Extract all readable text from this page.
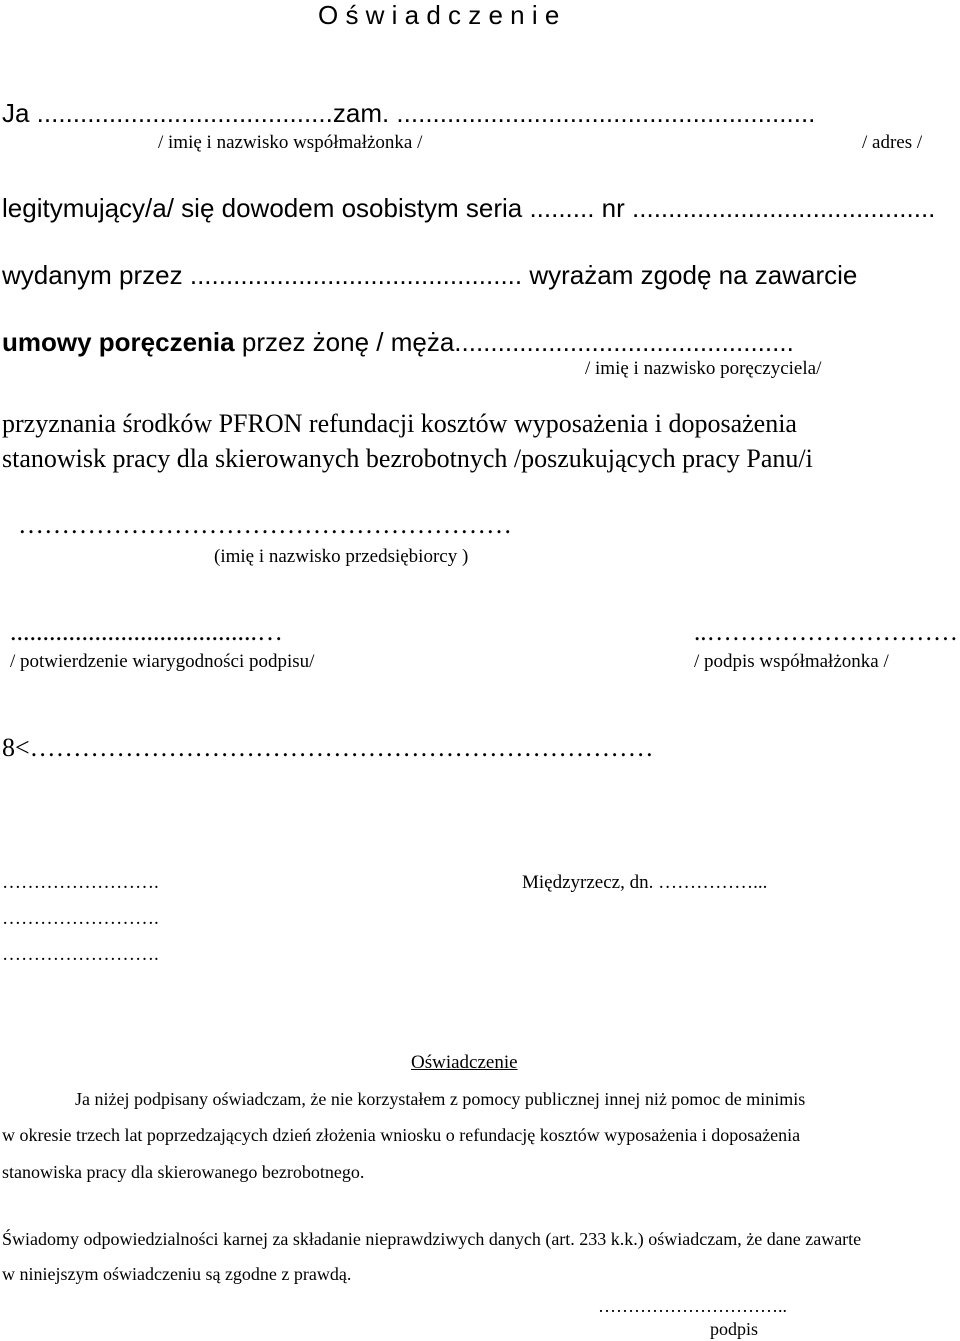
O ś w i a d c z e n i e
Ja .........................................zam. ..........................................................
/ imię i nazwisko współmałżonka /	/ adres /
legitymujący/a/ się dowodem osobistym seria ......... nr ..........................................
wydanym przez .............................................. wyrażam zgodę na zawarcie
umowy poręczenia przez żonę / męża...............................................
/ imię i nazwisko poręczyciela/
przyznania środków PFRON refundacji kosztów wyposażenia i doposażenia
stanowisk pracy dla skierowanych bezrobotnych /poszukujących pracy Panu/i
…………………………………………………
(imię i nazwisko przedsiębiorcy )
......................................…
/ potwierdzenie wiarygodności podpisu/
..…………………………
/ podpis współmałżonka /
8<………………………………………………………………
…………………….	Międzyrzecz, dn. ……………...
…………………….
…………………….
Oświadczenie
Ja niżej podpisany oświadczam, że nie korzystałem z pomocy publicznej innej niż pomoc de minimis
w okresie trzech lat poprzedzających dzień złożenia wniosku o refundację kosztów wyposażenia i doposażenia
stanowiska pracy dla skierowanego bezrobotnego.
Świadomy odpowiedzialności karnej za składanie nieprawdziwych danych (art. 233 k.k.) oświadczam, że dane zawarte
w niniejszym oświadczeniu są zgodne z prawdą.
…………………………..
podpis
